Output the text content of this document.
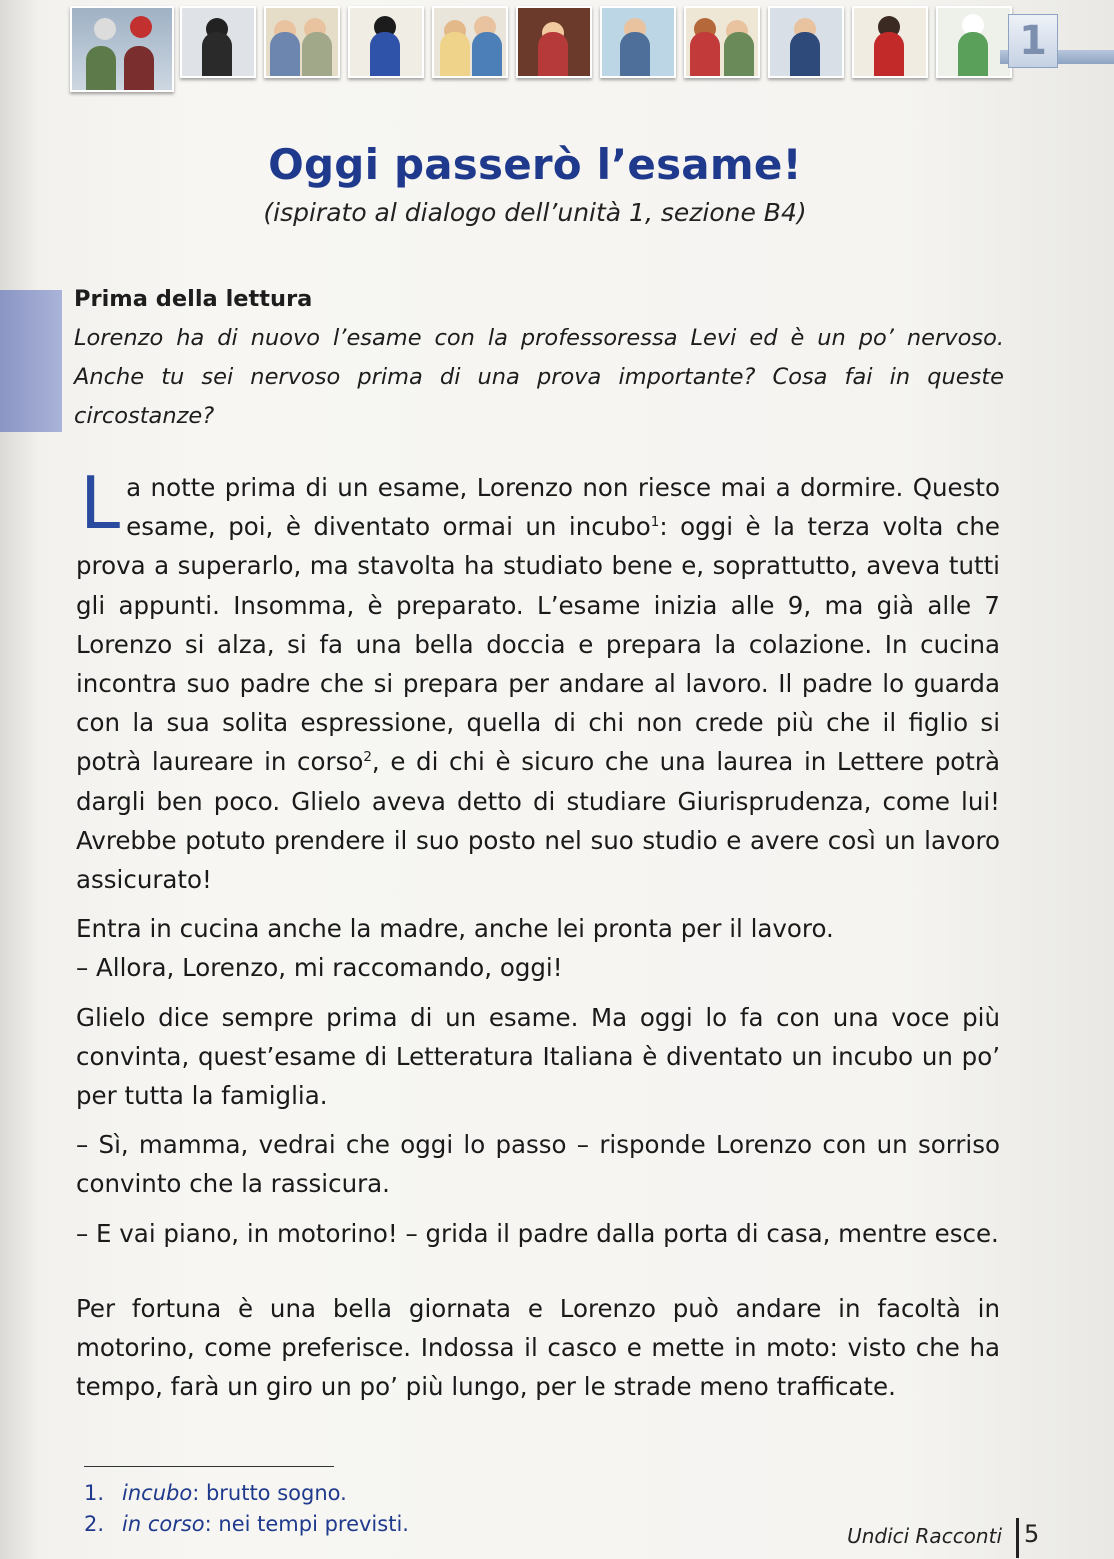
1
Oggi passerò l’esame!
(ispirato al dialogo dell’unità 1, sezione B4)
Prima della lettura
Lorenzo ha di nuovo l’esame con la professoressa Levi ed è un po’ nervoso. Anche tu sei nervoso prima di una prova importante? Cosa fai in queste circostanze?

La notte prima di un esame, Lorenzo non riesce mai a dormire. Questo esame, poi, è diventato ormai un incubo$^1$: oggi è la terza volta che prova a superarlo, ma stavolta ha studiato bene e, soprattutto, aveva tutti gli appunti. Insomma, è preparato. L’esame inizia alle 9, ma già alle 7 Lorenzo si alza, si fa una bella doccia e prepara la colazione. In cucina incontra suo padre che si prepara per andare al lavoro. Il padre lo guarda con la sua solita espressione, quella di chi non crede più che il figlio si potrà laureare in corso$^2$, e di chi è sicuro che una laurea in Lettere potrà dargli ben poco. Glielo aveva detto di studiare Giurisprudenza, come lui! Avrebbe potuto prendere il suo posto nel suo studio e avere così un lavoro assicurato!

Entra in cucina anche la madre, anche lei pronta per il lavoro.

– Allora, Lorenzo, mi raccomando, oggi!

Glielo dice sempre prima di un esame. Ma oggi lo fa con una voce più convinta, quest’esame di Letteratura Italiana è diventato un incubo un po’ per tutta la famiglia.

– Sì, mamma, vedrai che oggi lo passo – risponde Lorenzo con un sorriso convinto che la rassicura.

– E vai piano, in motorino! – grida il padre dalla porta di casa, mentre esce.

Per fortuna è una bella giornata e Lorenzo può andare in facoltà in motorino, come preferisce. Indossa il casco e mette in moto: visto che ha tempo, farà un giro un po’ più lungo, per le strade meno trafficate.

1. incubo: brutto sogno.
2. in corso: nei tempi previsti.	Undici Racconti 5
